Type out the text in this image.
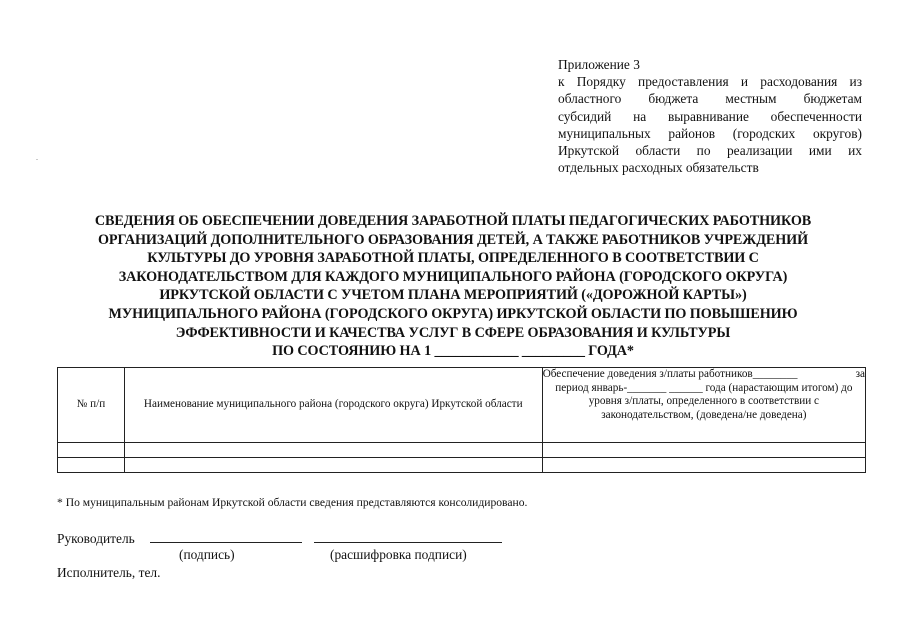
.
Приложение 3
к Порядку предоставления и расходования из
областного бюджета местным бюджетам
субсидий на выравнивание обеспеченности
муниципальных районов (городских округов)
Иркутской области по реализации ими их
отдельных расходных обязательств
СВЕДЕНИЯ ОБ ОБЕСПЕЧЕНИИ ДОВЕДЕНИЯ ЗАРАБОТНОЙ ПЛАТЫ ПЕДАГОГИЧЕСКИХ РАБОТНИКОВ
ОРГАНИЗАЦИЙ ДОПОЛНИТЕЛЬНОГО ОБРАЗОВАНИЯ ДЕТЕЙ, А ТАКЖЕ РАБОТНИКОВ УЧРЕЖДЕНИЙ
КУЛЬТУРЫ ДО УРОВНЯ ЗАРАБОТНОЙ ПЛАТЫ, ОПРЕДЕЛЕННОГО В СООТВЕТСТВИИ С
ЗАКОНОДАТЕЛЬСТВОМ ДЛЯ КАЖДОГО МУНИЦИПАЛЬНОГО РАЙОНА (ГОРОДСКОГО ОКРУГА)
ИРКУТСКОЙ ОБЛАСТИ С УЧЕТОМ ПЛАНА МЕРОПРИЯТИЙ («ДОРОЖНОЙ КАРТЫ»)
МУНИЦИПАЛЬНОГО РАЙОНА (ГОРОДСКОГО ОКРУГА) ИРКУТСКОЙ ОБЛАСТИ ПО ПОВЫШЕНИЮ
ЭФФЕКТИВНОСТИ И КАЧЕСТВА УСЛУГ В СФЕРЕ ОБРАЗОВАНИЯ И КУЛЬТУРЫ
ПО СОСТОЯНИЮ НА 1 ____________ _________ ГОДА*
№ п/п	Наименование муниципального района (городского округа) Иркутской области	Обеспечение доведения з/платы работников________ за
период январь-_______ ______ года (нарастающим итогом) до уровня з/платы, определенного в соответствии с законодательством, (доведена/не доведена)

* По муниципальным районам Иркутской области сведения представляются консолидировано.
Руководитель
(подпись)	(расшифровка подписи)
Исполнитель, тел.
